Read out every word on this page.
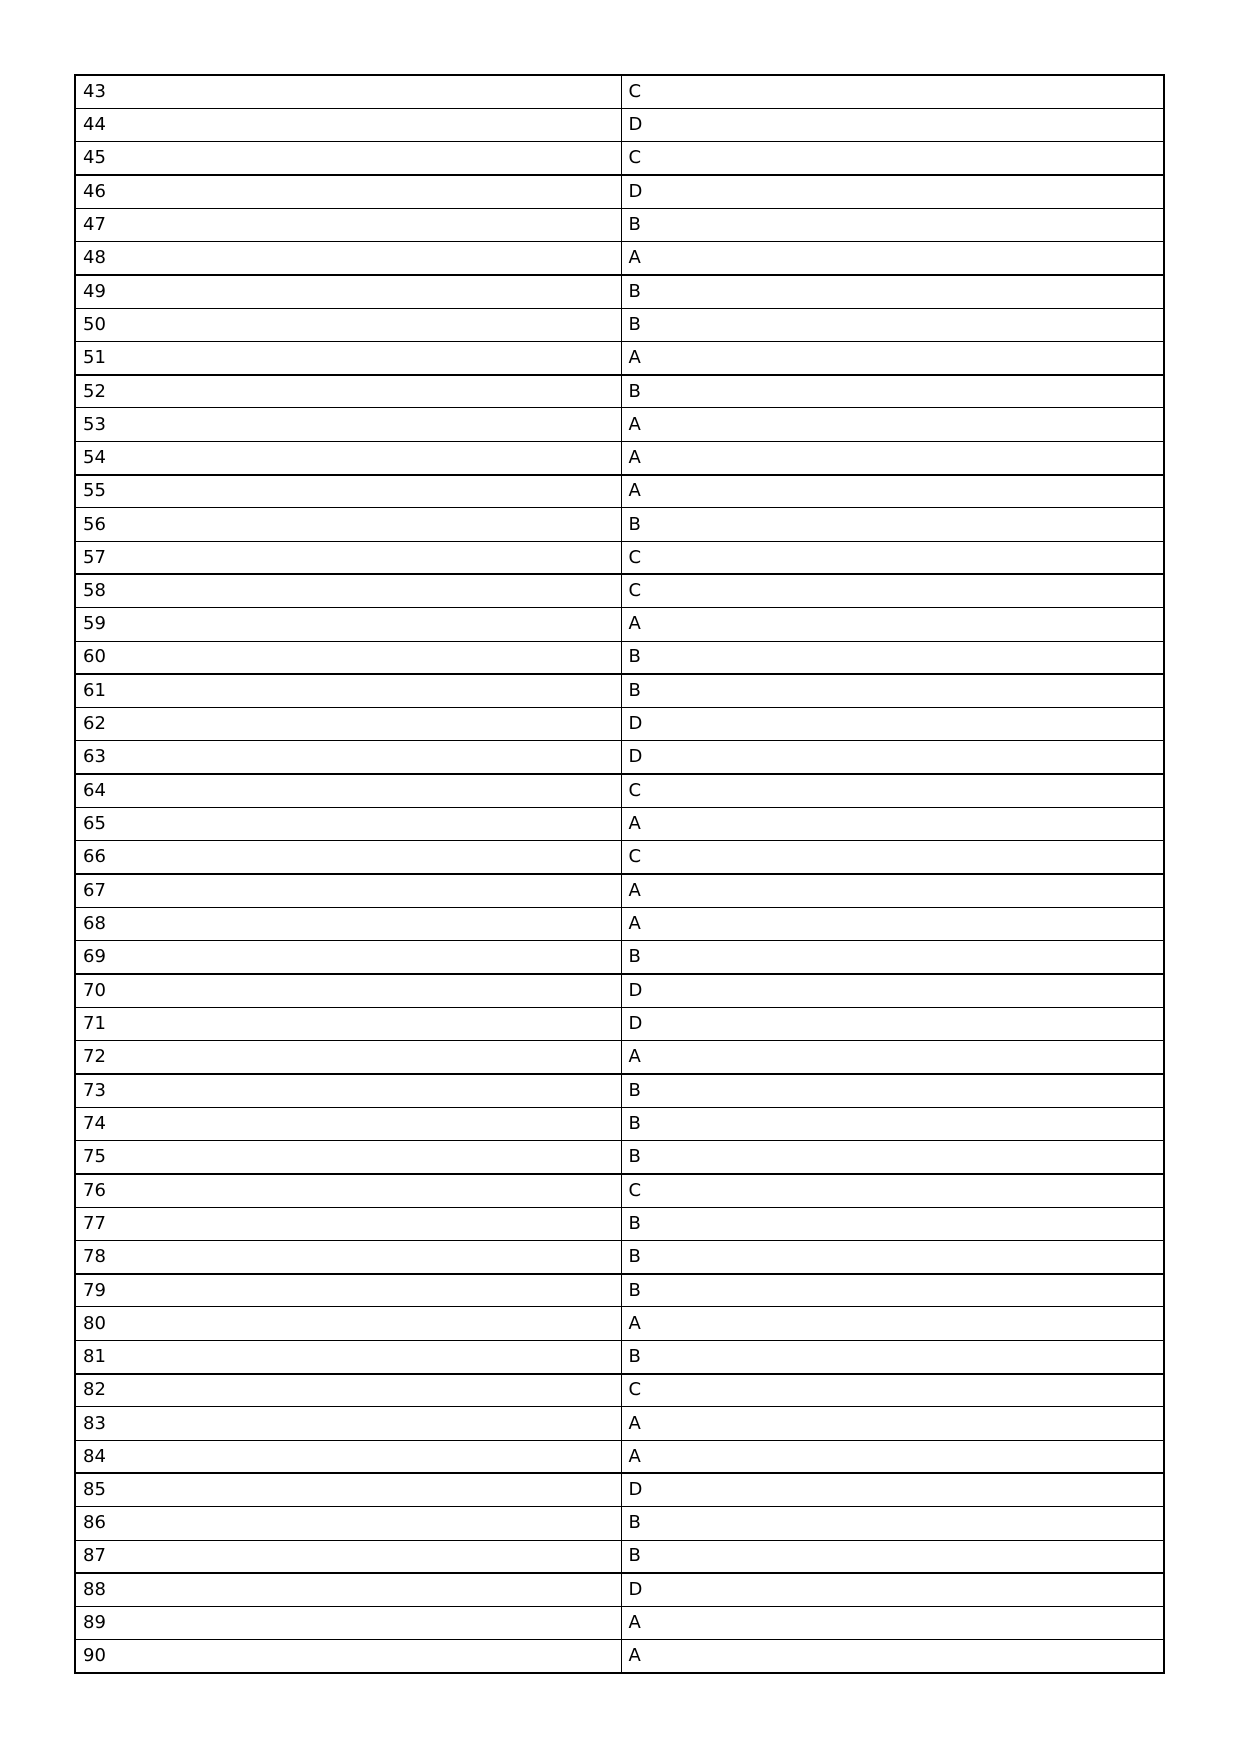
43	C
44	D
45	C
46	D
47	B
48	A
49	B
50	B
51	A
52	B
53	A
54	A
55	A
56	B
57	C
58	C
59	A
60	B
61	B
62	D
63	D
64	C
65	A
66	C
67	A
68	A
69	B
70	D
71	D
72	A
73	B
74	B
75	B
76	C
77	B
78	B
79	B
80	A
81	B
82	C
83	A
84	A
85	D
86	B
87	B
88	D
89	A
90	A
